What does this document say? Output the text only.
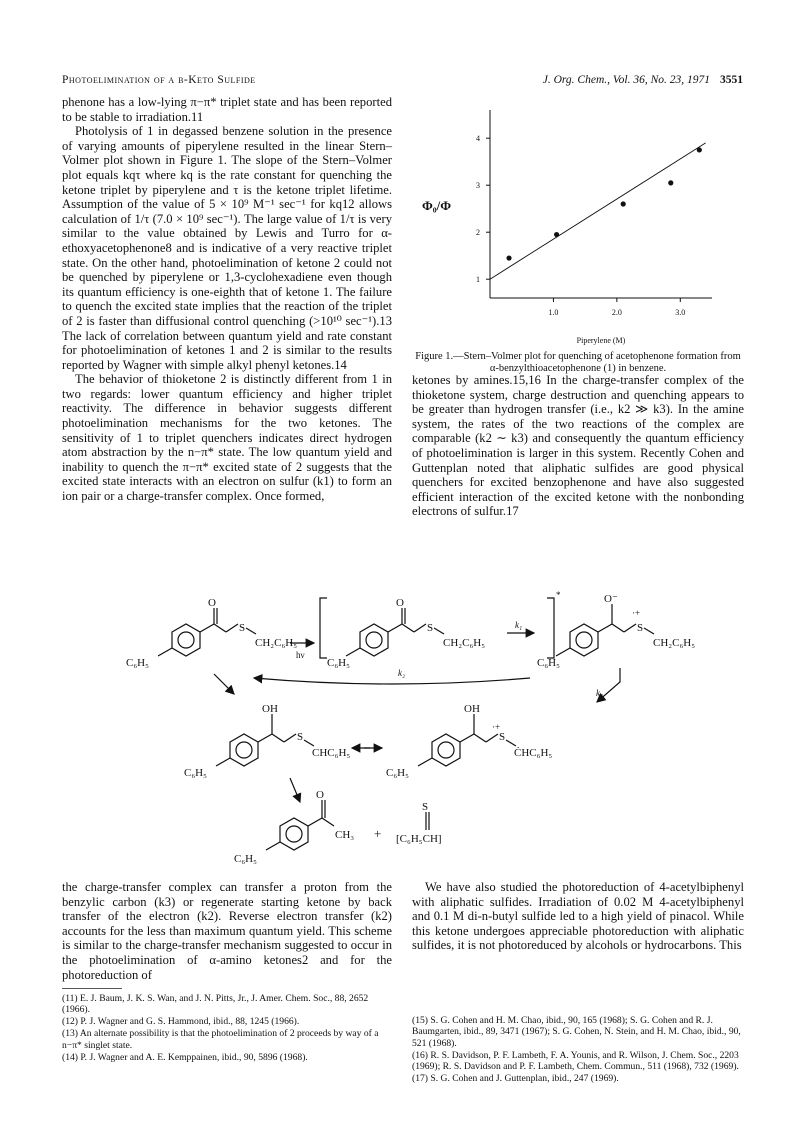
Photoelimination of a β-Keto Sulfide	J. Org. Chem., Vol. 36, No. 23, 1971 3551

phenone has a low-lying π−π* triplet state and has been reported to be stable to irradiation.11

Photolysis of 1 in degassed benzene solution in the presence of varying amounts of piperylene resulted in the linear Stern–Volmer plot shown in Figure 1. The slope of the Stern–Volmer plot equals kqτ where kq is the rate constant for quenching the ketone triplet by piperylene and τ is the ketone triplet lifetime. Assumption of the value of 5 × 10⁹ M⁻¹ sec⁻¹ for kq12 allows calculation of 1/τ (7.0 × 10⁹ sec⁻¹). The large value of 1/τ is very similar to the value obtained by Lewis and Turro for α-ethoxyacetophenone8 and is indicative of a very reactive triplet state. On the other hand, photoelimination of ketone 2 could not be quenched by piperylene or 1,3-cyclohexadiene even though its quantum efficiency is one-eighth that of ketone 1. The failure to quench the excited state implies that the reaction of the triplet of 2 is faster than diffusional control quenching (>10¹⁰ sec⁻¹).13 The lack of correlation between quantum yield and rate constant for photoelimination of ketones 1 and 2 is similar to the results reported by Wagner with simple alkyl phenyl ketones.14

The behavior of thioketone 2 is distinctly different from 1 in two regards: lower quantum efficiency and higher triplet reactivity. The difference in behavior suggests different photoelimination mechanisms for the two ketones. The sensitivity of 1 to triplet quenchers indicates direct hydrogen atom abstraction by the n−π* state. The low quantum yield and inability to quench the π−π* excited state of 2 suggests that the excited state interacts with an electron on sulfur (k1) to form an ion pair or a charge-transfer complex. Once formed,

1
2
3
4
1.0	2.0	3.0
Piperylene (M)
Φ₀/Φ
Figure 1.—Stern–Volmer plot for quenching of acetophenone formation from α-benzylthioacetophenone (1) in benzene.

ketones by amines.15,16 In the charge-transfer complex of the thioketone system, charge destruction and quenching appears to be greater than hydrogen transfer (i.e., k2 ≫ k3). In the amine system, the rates of the two reactions of the complex are comparable (k2 ∼ k3) and consequently the quantum efficiency of photoelimination is larger in this system. Recently Cohen and Guttenplan noted that aliphatic sulfides are good physical quenchers for excited benzophenone and have also suggested efficient interaction of the excited ketone with the nonbonding electrons of sulfur.17

O
S
CH₂C₆H₅
C₆H₅
hν
O
S
CH₂C₆H₅
C₆H₅
*
k₁
O⁻
·+
S
CH₂C₆H₅
C₆H₅
k₂
k₃
OH
S
CHC₆H₅
C₆H₅
OH
·+
S
ĊHC₆H₅
C₆H₅
O
CH₃
C₆H₅
+
S
[C₆H₅CH]

the charge-transfer complex can transfer a proton from the benzylic carbon (k3) or regenerate starting ketone by back transfer of the electron (k2). Reverse electron transfer (k2) accounts for the less than maximum quantum yield. This scheme is similar to the charge-transfer mechanism suggested to occur in the photoelimination of α-amino ketones2 and for the photoreduction of

We have also studied the photoreduction of 4-acetylbiphenyl with aliphatic sulfides. Irradiation of 0.02 M 4-acetylbiphenyl and 0.1 M di-n-butyl sulfide led to a high yield of pinacol. While this ketone undergoes appreciable photoreduction with aliphatic sulfides, it is not photoreduced by alcohols or hydrocarbons. This

(11) E. J. Baum, J. K. S. Wan, and J. N. Pitts, Jr., J. Amer. Chem. Soc., 88, 2652 (1966).
(12) P. J. Wagner and G. S. Hammond, ibid., 88, 1245 (1966).
(13) An alternate possibility is that the photoelimination of 2 proceeds by way of a n−π* singlet state.
(14) P. J. Wagner and A. E. Kemppainen, ibid., 90, 5896 (1968).
(15) S. G. Cohen and H. M. Chao, ibid., 90, 165 (1968); S. G. Cohen and R. J. Baumgarten, ibid., 89, 3471 (1967); S. G. Cohen, N. Stein, and H. M. Chao, ibid., 90, 521 (1968).
(16) R. S. Davidson, P. F. Lambeth, F. A. Younis, and R. Wilson, J. Chem. Soc., 2203 (1969); R. S. Davidson and P. F. Lambeth, Chem. Commun., 511 (1968), 732 (1969).
(17) S. G. Cohen and J. Guttenplan, ibid., 247 (1969).
